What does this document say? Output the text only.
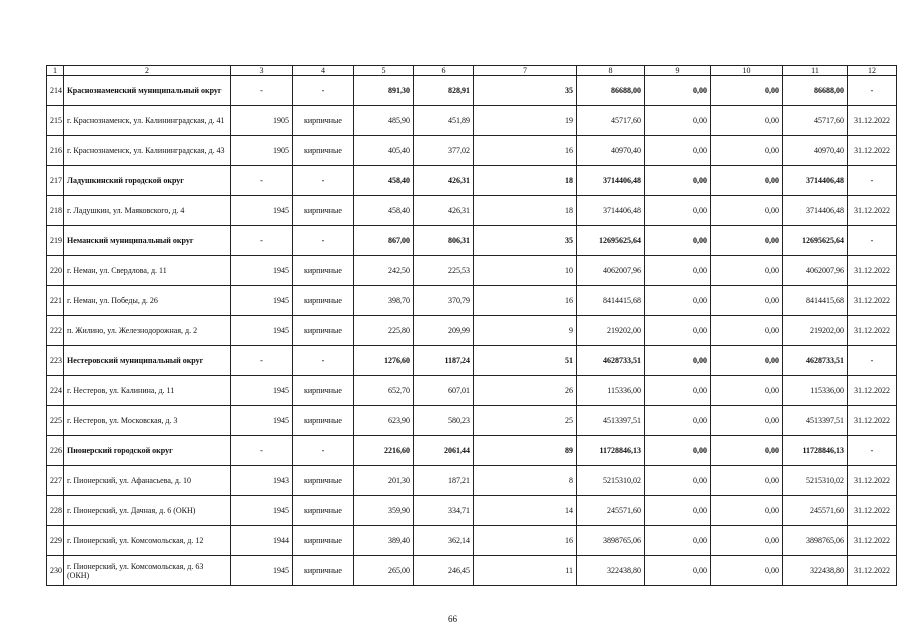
1	2	3	4	5	6	7	8	9	10	11	12
214	Краснознаменский муниципальный округ	-	-	891,30	828,91	35	86688,00	0,00	0,00	86688,00	-
215	г. Краснознаменск, ул. Калининградская, д. 41	1905	кирпичные	485,90	451,89	19	45717,60	0,00	0,00	45717,60	31.12.2022
216	г. Краснознаменск, ул. Калининградская, д. 43	1905	кирпичные	405,40	377,02	16	40970,40	0,00	0,00	40970,40	31.12.2022
217	Ладушкинский городской округ	-	-	458,40	426,31	18	3714406,48	0,00	0,00	3714406,48	-
218	г. Ладушкин, ул. Маяковского, д. 4	1945	кирпичные	458,40	426,31	18	3714406,48	0,00	0,00	3714406,48	31.12.2022
219	Неманский муниципальный округ	-	-	867,00	806,31	35	12695625,64	0,00	0,00	12695625,64	-
220	г. Неман, ул. Свердлова, д. 11	1945	кирпичные	242,50	225,53	10	4062007,96	0,00	0,00	4062007,96	31.12.2022
221	г. Неман, ул. Победы, д. 26	1945	кирпичные	398,70	370,79	16	8414415,68	0,00	0,00	8414415,68	31.12.2022
222	п. Жилино, ул. Железнодорожная, д. 2	1945	кирпичные	225,80	209,99	9	219202,00	0,00	0,00	219202,00	31.12.2022
223	Нестеровский муниципальный округ	-	-	1276,60	1187,24	51	4628733,51	0,00	0,00	4628733,51	-
224	г. Нестеров, ул. Калинина, д. 11	1945	кирпичные	652,70	607,01	26	115336,00	0,00	0,00	115336,00	31.12.2022
225	г. Нестеров, ул. Московская, д. 3	1945	кирпичные	623,90	580,23	25	4513397,51	0,00	0,00	4513397,51	31.12.2022
226	Пионерский городской округ	-	-	2216,60	2061,44	89	11728846,13	0,00	0,00	11728846,13	-
227	г. Пионерский, ул. Афанасьева, д. 10	1943	кирпичные	201,30	187,21	8	5215310,02	0,00	0,00	5215310,02	31.12.2022
228	г. Пионерский, ул. Дачная, д. 6 (ОКН)	1945	кирпичные	359,90	334,71	14	245571,60	0,00	0,00	245571,60	31.12.2022
229	г. Пионерский, ул. Комсомольская, д. 12	1944	кирпичные	389,40	362,14	16	3898765,06	0,00	0,00	3898765,06	31.12.2022
230	г. Пионерский, ул. Комсомольская, д. 63 (ОКН)	1945	кирпичные	265,00	246,45	11	322438,80	0,00	0,00	322438,80	31.12.2022
66
